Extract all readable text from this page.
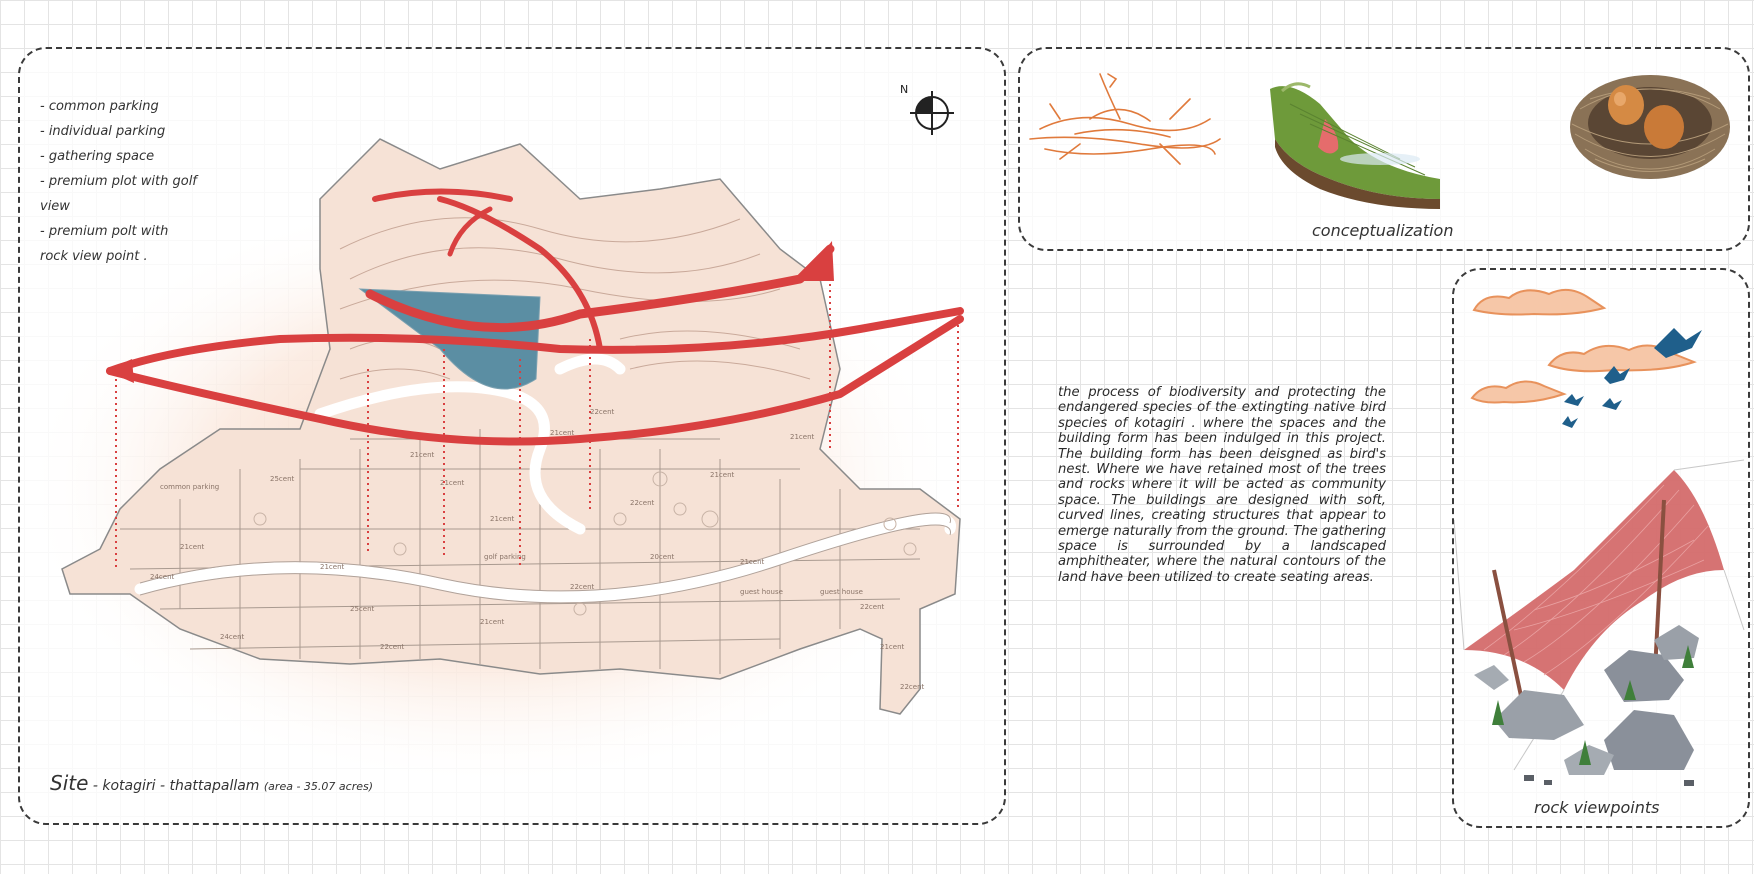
21cent
21cent
22cent
21cent
25cent	21cent
21cent
22cent
21cent
24cent
21cent
21cent
20cent
22cent
21cent
25cent
24cent
22cent
22cent
21cent
22cent
21cent
golf parking
guest house	guest house
common parking
- common parking
- individual parking
- gathering space
- premium plot with golf view
- premium polt with rock view point .
N
Site - kotagiri - thattapallam (area - 35.07 acres)
conceptualization

the process of biodiversity and protecting the endangered species of the extingting native bird species of kotagiri . where the spaces and the building form has been indulged in this project. The building form has been deisgned as bird's nest. Where we have retained most of the trees and rocks where it will be acted as community space. The buildings are designed with soft, curved lines, creating structures that appear to emerge naturally from the ground. The gathering space is surrounded by a landscaped amphitheater, where the natural contours of the land have been utilized to create seating areas.

rock viewpoints
